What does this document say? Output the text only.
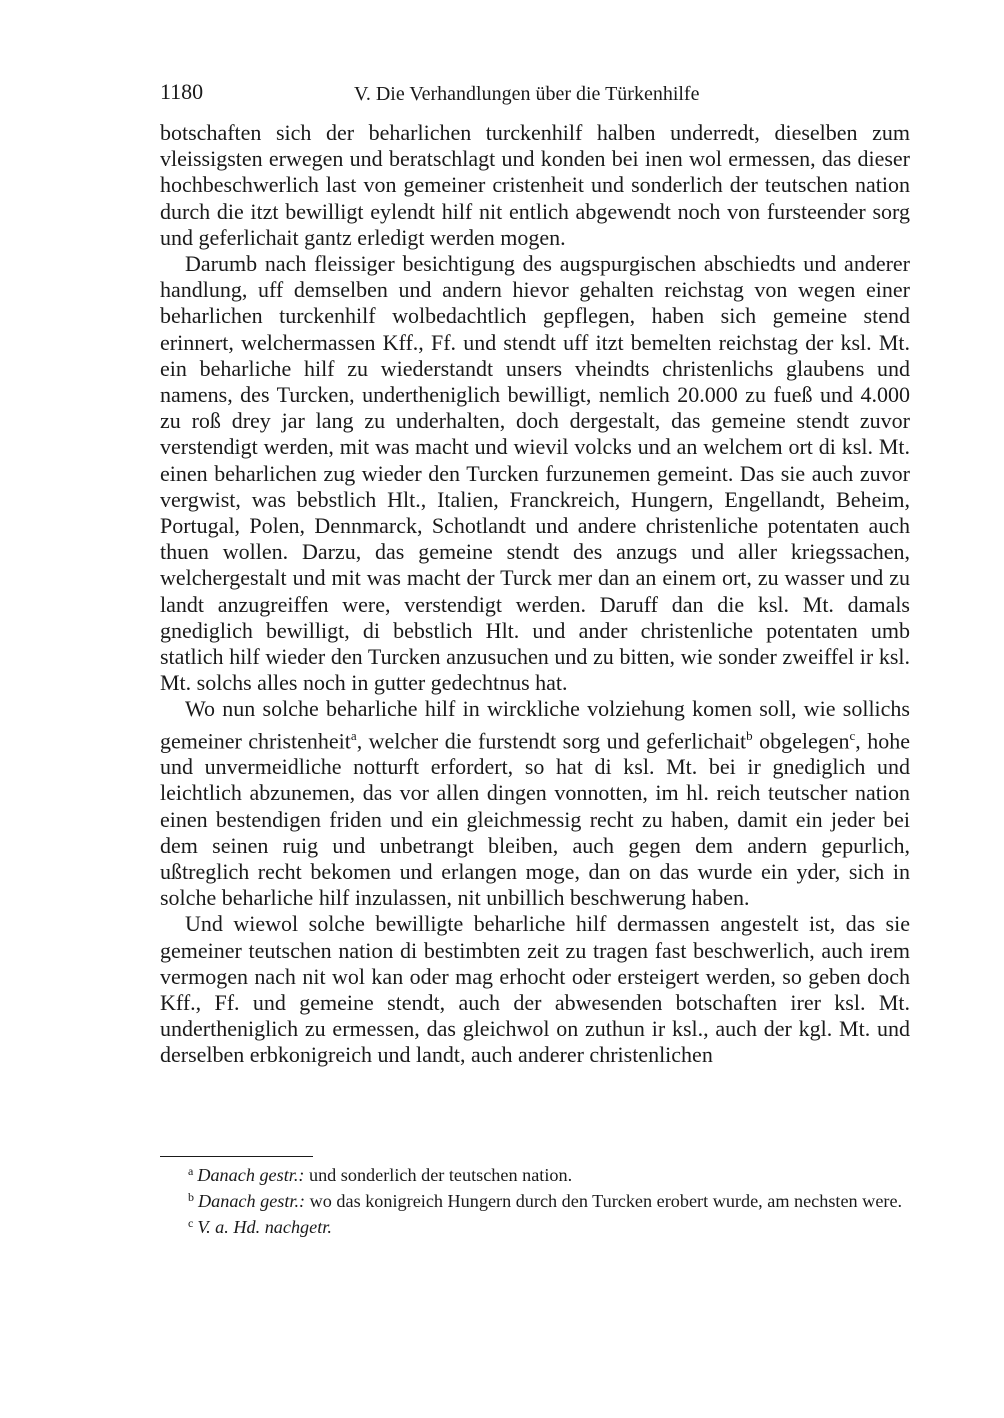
1180	V. Die Verhandlungen über die Türkenhilfe

botschaften sich der beharlichen turckenhilf halben underredt, dieselben zum vleissigsten erwegen und beratschlagt und konden bei inen wol ermessen, das dieser hochbeschwerlich last von gemeiner cristenheit und sonderlich der teutschen nation durch die itzt bewilligt eylendt hilf nit entlich abgewendt noch von fursteender sorg und geferlichait gantz erledigt werden mogen.

Darumb nach fleissiger besichtigung des augspurgischen abschiedts und anderer handlung, uff demselben und andern hievor gehalten reichstag von wegen einer beharlichen turckenhilf wolbedachtlich gepflegen, haben sich gemeine stend erinnert, welchermassen Kff., Ff. und stendt uff itzt bemelten reichstag der ksl. Mt. ein beharliche hilf zu wiederstandt unsers vheindts christenlichs glaubens und namens, des Turcken, undertheniglich bewilligt, nemlich 20.000 zu fueß und 4.000 zu roß drey jar lang zu underhalten, doch dergestalt, das gemeine stendt zuvor verstendigt werden, mit was macht und wievil volcks und an welchem ort di ksl. Mt. einen beharlichen zug wieder den Turcken furzunemen gemeint. Das sie auch zuvor vergwist, was bebstlich Hlt., Italien, Franckreich, Hungern, Engellandt, Beheim, Portugal, Polen, Dennmarck, Schotlandt und andere christenliche potentaten auch thuen wollen. Darzu, das gemeine stendt des anzugs und aller kriegssachen, welchergestalt und mit was macht der Turck mer dan an einem ort, zu wasser und zu landt anzugreiffen were, verstendigt werden. Daruff dan die ksl. Mt. damals gnediglich bewilligt, di bebstlich Hlt. und ander christenliche potentaten umb statlich hilf wieder den Turcken anzusuchen und zu bitten, wie sonder zweiffel ir ksl. Mt. solchs alles noch in gutter gedechtnus hat.

Wo nun solche beharliche hilf in wirckliche volziehung komen soll, wie sollichs gemeiner christenheit$^a$, welcher die furstendt sorg und geferlichait$^b$ obgelegen$^c$, hohe und unvermeidliche notturft erfordert, so hat di ksl. Mt. bei ir gnediglich und leichtlich abzunemen, das vor allen dingen vonnotten, im hl. reich teutscher nation einen bestendigen friden und ein gleichmessig recht zu haben, damit ein jeder bei dem seinen ruig und unbetrangt bleiben, auch gegen dem andern gepurlich, ußtreglich recht bekomen und erlangen moge, dan on das wurde ein yder, sich in solche beharliche hilf inzulassen, nit unbillich beschwerung haben.

Und wiewol solche bewilligte beharliche hilf dermassen angestelt ist, das sie gemeiner teutschen nation di bestimbten zeit zu tragen fast beschwerlich, auch irem vermogen nach nit wol kan oder mag erhocht oder ersteigert werden, so geben doch Kff., Ff. und gemeine stendt, auch der abwesenden botschaften irer ksl. Mt. undertheniglich zu ermessen, das gleichwol on zuthun ir ksl., auch der kgl. Mt. und derselben erbkonigreich und landt, auch anderer christenlichen

$^a$ Danach gestr.: und sonderlich der teutschen nation.

$^b$ Danach gestr.: wo das konigreich Hungern durch den Turcken erobert wurde, am nechsten were.

$^c$ V. a. Hd. nachgetr.
